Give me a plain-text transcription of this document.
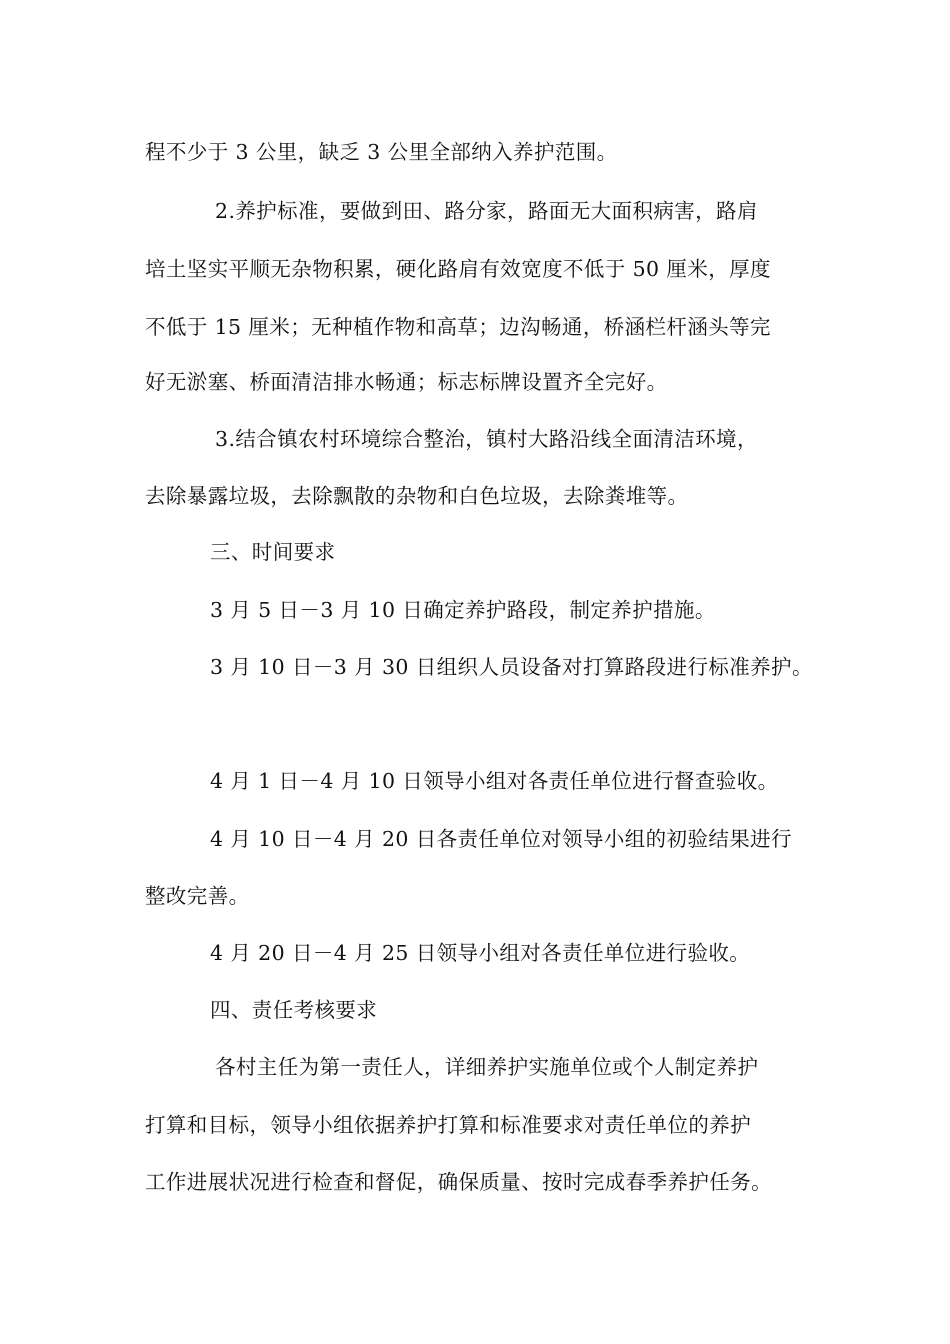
程不少于 3 公里，缺乏 3 公里全部纳入养护范围。
2.养护标准，要做到田、路分家，路面无大面积病害，路肩
培土坚实平顺无杂物积累，硬化路肩有效宽度不低于 50 厘米，厚度
不低于 15 厘米；无种植作物和高草；边沟畅通，桥涵栏杆涵头等完
好无淤塞、桥面清洁排水畅通；标志标牌设置齐全完好。
3.结合镇农村环境综合整治，镇村大路沿线全面清洁环境，
去除暴露垃圾，去除飘散的杂物和白色垃圾，去除粪堆等。
三、时间要求
3 月 5 日－3 月 10 日确定养护路段，制定养护措施。
3 月 10 日－3 月 30 日组织人员设备对打算路段进行标准养护。
4 月 1 日－4 月 10 日领导小组对各责任单位进行督查验收。
4 月 10 日－4 月 20 日各责任单位对领导小组的初验结果进行
整改完善。
4 月 20 日－4 月 25 日领导小组对各责任单位进行验收。
四、责任考核要求
各村主任为第一责任人，详细养护实施单位或个人制定养护
打算和目标，领导小组依据养护打算和标准要求对责任单位的养护
工作进展状况进行检查和督促，确保质量、按时完成春季养护任务。
